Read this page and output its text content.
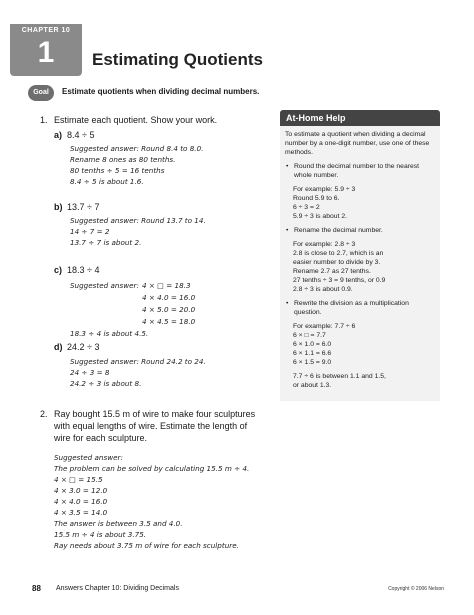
CHAPTER 10
1	Estimating Quotients
Goal	Estimate quotients when dividing decimal numbers.
1. Estimate each quotient. Show your work.
a) 8.4 ÷ 5
Suggested answer: Round 8.4 to 8.0.
Rename 8 ones as 80 tenths.
80 tenths ÷ 5 = 16 tenths
8.4 ÷ 5 is about 1.6.
b) 13.7 ÷ 7
Suggested answer: Round 13.7 to 14.
14 ÷ 7 = 2
13.7 ÷ 7 is about 2.
c) 18.3 ÷ 4
Suggested answer: 4 × □ = 18.3
4 × 4.0 = 16.0
4 × 5.0 = 20.0
4 × 4.5 = 18.0
18.3 ÷ 4 is about 4.5.
d) 24.2 ÷ 3
Suggested answer: Round 24.2 to 24.
24 ÷ 3 = 8
24.2 ÷ 3 is about 8.
2. Ray bought 15.5 m of wire to make four sculptures
with equal lengths of wire. Estimate the length of
wire for each sculpture.
Suggested answer:
The problem can be solved by calculating 15.5 m ÷ 4.
4 × □ = 15.5
4 × 3.0 = 12.0
4 × 4.0 = 16.0
4 × 3.5 = 14.0
The answer is between 3.5 and 4.0.
15.5 m ÷ 4 is about 3.75.
Ray needs about 3.75 m of wire for each sculpture.
At-Home Help

To estimate a quotient when dividing a decimal number by a one-digit number, use one of these methods.

• Round the decimal number to the nearest whole number.
For example: 5.9 ÷ 3
Round 5.9 to 6.
6 ÷ 3 = 2
5.9 ÷ 3 is about 2.
• Rename the decimal number.
For example: 2.8 ÷ 3
2.8 is close to 2.7, which is an
easier number to divide by 3.
Rename 2.7 as 27 tenths.
27 tenths ÷ 3 = 9 tenths, or 0.9
2.8 ÷ 3 is about 0.9.
• Rewrite the division as a multiplication question.
For example: 7.7 ÷ 6
6 × □ = 7.7
6 × 1.0 = 6.0
6 × 1.1 = 6.6
6 × 1.5 = 9.0
7.7 ÷ 6 is between 1.1 and 1.5,
or about 1.3.
88 Answers Chapter 10: Dividing Decimals	Copyright © 2006 Nelson
